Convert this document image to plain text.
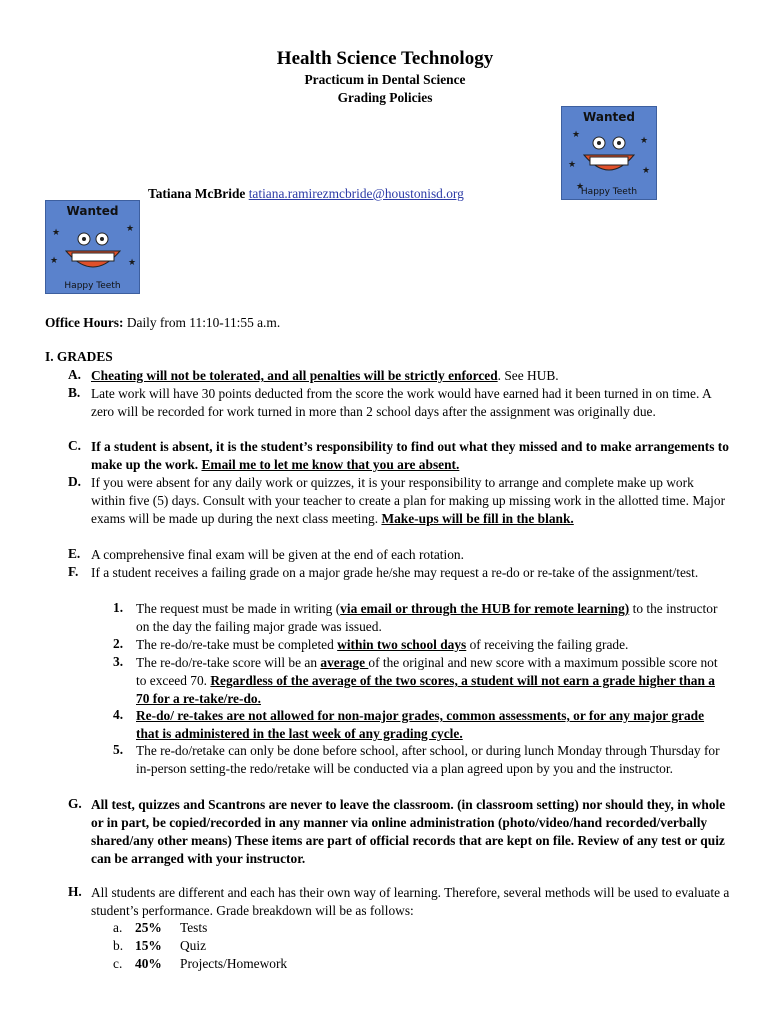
Health Science Technology
Practicum in Dental Science
Grading Policies
Wanted
★
★
★
★
★
Happy Teeth
Tatiana McBride tatiana.ramirezmcbride@houstonisd.org
Wanted
★	★
★	★
Happy Teeth
Office Hours: Daily from 11:10-11:55 a.m.
I. GRADES
A. Cheating will not be tolerated, and all penalties will be strictly enforced. See HUB.
B. Late work will have 30 points deducted from the score the work would have earned had it been turned in on time. A zero will be recorded for work turned in more than 2 school days after the assignment was originally due.
C. If a student is absent, it is the student’s responsibility to find out what they missed and to make arrangements to make up the work. Email me to let me know that you are absent.
D. If you were absent for any daily work or quizzes, it is your responsibility to arrange and complete make up work within five (5) days. Consult with your teacher to create a plan for making up missing work in the allotted time. Major exams will be made up during the next class meeting. Make-ups will be fill in the blank.
E. A comprehensive final exam will be given at the end of each rotation.
F. If a student receives a failing grade on a major grade he/she may request a re-do or re-take of the assignment/test.
1. The request must be made in writing (via email or through the HUB for remote learning) to the instructor on the day the failing major grade was issued.
2. The re-do/re-take must be completed within two school days of receiving the failing grade.
3. The re-do/re-take score will be an average of the original and new score with a maximum possible score not to exceed 70. Regardless of the average of the two scores, a student will not earn a grade higher than a 70 for a re-take/re-do.
4. Re-do/ re-takes are not allowed for non-major grades, common assessments, or for any major grade that is administered in the last week of any grading cycle.
5. The re-do/retake can only be done before school, after school, or during lunch Monday through Thursday for in-person setting-the redo/retake will be conducted via a plan agreed upon by you and the instructor.
G. All test, quizzes and Scantrons are never to leave the classroom. (in classroom setting) nor should they, in whole or in part, be copied/recorded in any manner via online administration (photo/video/hand recorded/verbally shared/any other means) These items are part of official records that are kept on file. Review of any test or quiz can be arranged with your instructor.
H. All students are different and each has their own way of learning. Therefore, several methods will be used to evaluate a student’s performance. Grade breakdown will be as follows:
a. 25% Tests
b. 15% Quiz
c. 40% Projects/Homework
